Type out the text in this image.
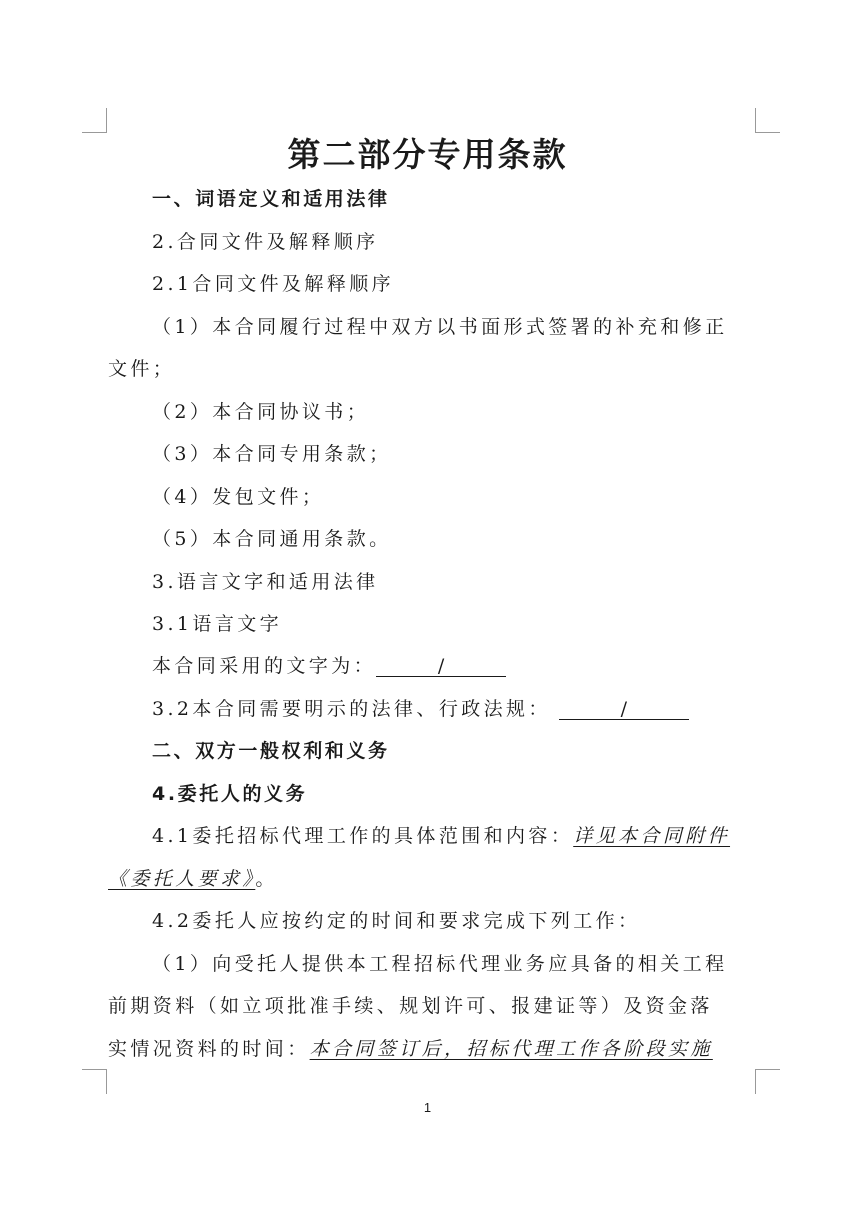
第二部分专用条款
一、词语定义和适用法律
2.合同文件及解释顺序
2.1合同文件及解释顺序
（1）本合同履行过程中双方以书面形式签署的补充和修正
文件；
（2）本合同协议书；
（3）本合同专用条款；
（4）发包文件；
（5）本合同通用条款。
3.语言文字和适用法律
3.1语言文字
本合同采用的文字为：	/
3.2本合同需要明示的法律、行政法规：	/
二、双方一般权利和义务
4.委托人的义务
4.1委托招标代理工作的具体范围和内容：详见本合同附件
《委托人要求》。
4.2委托人应按约定的时间和要求完成下列工作：
（1）向受托人提供本工程招标代理业务应具备的相关工程
前期资料（如立项批准手续、规划许可、报建证等）及资金落
实情况资料的时间：本合同签订后，招标代理工作各阶段实施
1
